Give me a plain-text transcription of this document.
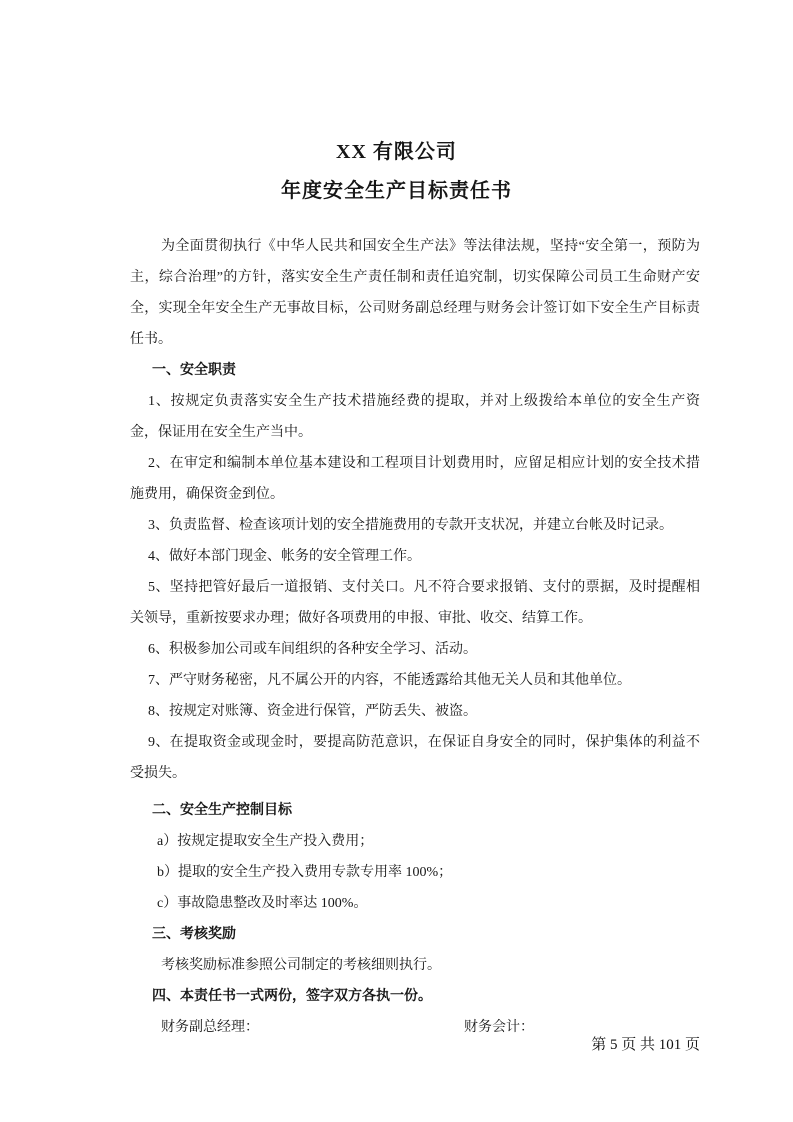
XX 有限公司
年度安全生产目标责任书

为全面贯彻执行《中华人民共和国安全生产法》等法律法规，坚持“安全第一，预防为主，综合治理”的方针，落实安全生产责任制和责任追究制，切实保障公司员工生命财产安全，实现全年安全生产无事故目标，公司财务副总经理与财务会计签订如下安全生产目标责任书。

一、安全职责

1、按规定负责落实安全生产技术措施经费的提取，并对上级拨给本单位的安全生产资金，保证用在安全生产当中。

2、在审定和编制本单位基本建设和工程项目计划费用时，应留足相应计划的安全技术措施费用，确保资金到位。

3、负责监督、检查该项计划的安全措施费用的专款开支状况，并建立台帐及时记录。

4、做好本部门现金、帐务的安全管理工作。

5、坚持把管好最后一道报销、支付关口。凡不符合要求报销、支付的票据，及时提醒相关领导，重新按要求办理；做好各项费用的申报、审批、收交、结算工作。

6、积极参加公司或车间组织的各种安全学习、活动。

7、严守财务秘密，凡不属公开的内容，不能透露给其他无关人员和其他单位。

8、按规定对账簿、资金进行保管，严防丢失、被盗。

9、在提取资金或现金时，要提高防范意识，在保证自身安全的同时，保护集体的利益不受损失。

二、安全生产控制目标

a）按规定提取安全生产投入费用；

b）提取的安全生产投入费用专款专用率 100%；

c）事故隐患整改及时率达 100%。

三、考核奖励

考核奖励标准参照公司制定的考核细则执行。

四、本责任书一式两份，签字双方各执一份。

财务副总经理：	财务会计：

第 5 页 共 101 页
